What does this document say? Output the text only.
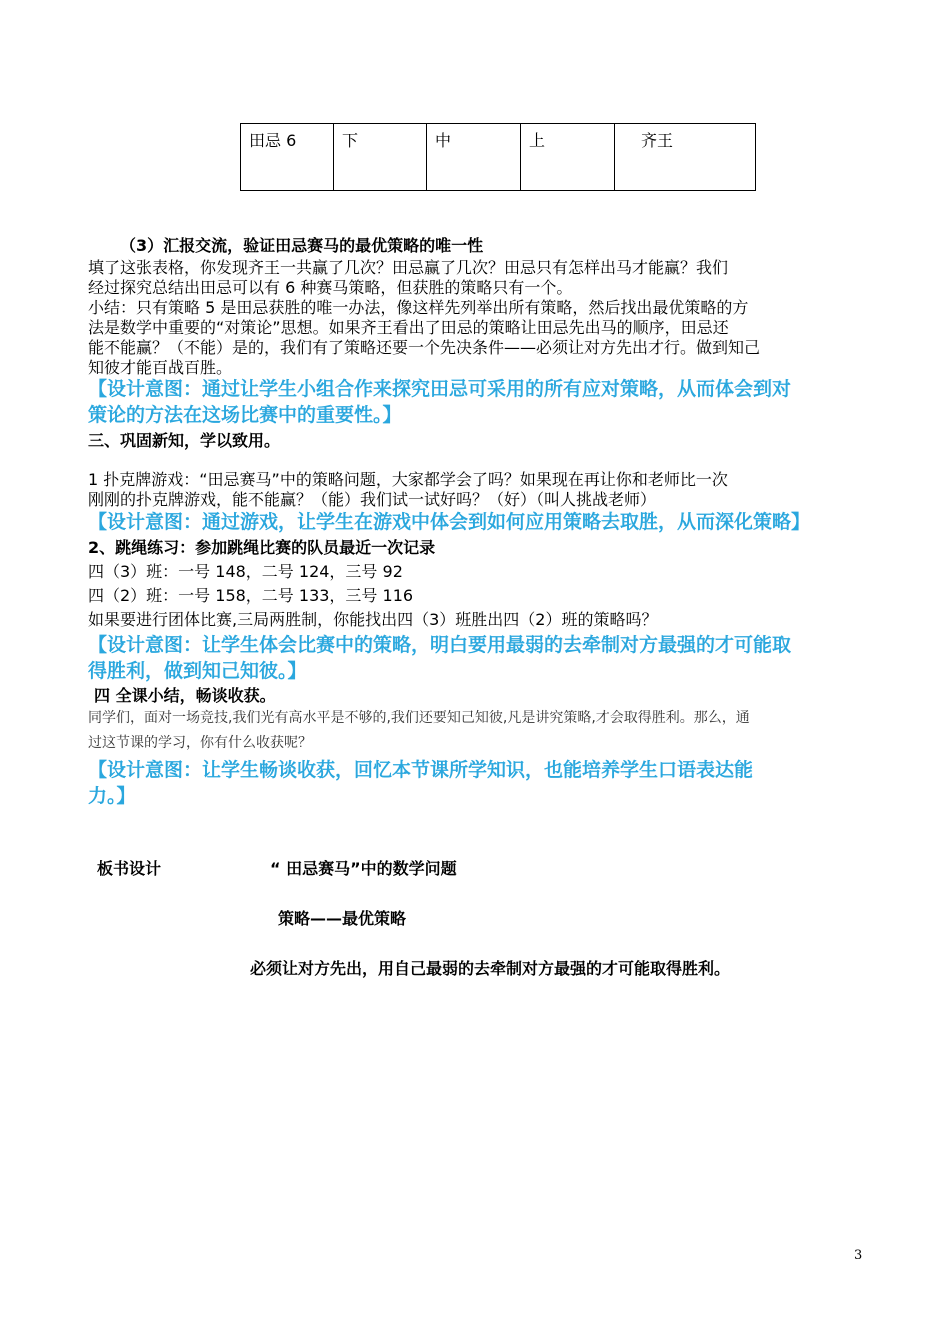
田忌 6	下	中	上	齐王
（3）汇报交流，验证田忌赛马的最优策略的唯一性
填了这张表格，你发现齐王一共赢了几次？田忌赢了几次？田忌只有怎样出马才能赢？我们
经过探究总结出田忌可以有 6 种赛马策略，但获胜的策略只有一个。
小结：只有策略 5 是田忌获胜的唯一办法，像这样先列举出所有策略，然后找出最优策略的方
法是数学中重要的“对策论”思想。如果齐王看出了田忌的策略让田忌先出马的顺序，田忌还
能不能赢？（不能）是的，我们有了策略还要一个先决条件——必须让对方先出才行。做到知己
知彼才能百战百胜。
【设计意图：通过让学生小组合作来探究田忌可采用的所有应对策略，从而体会到对
策论的方法在这场比赛中的重要性。】
三、巩固新知，学以致用。
1 扑克牌游戏：“田忌赛马”中的策略问题，大家都学会了吗？如果现在再让你和老师比一次
刚刚的扑克牌游戏，能不能赢？（能）我们试一试好吗？（好）（叫人挑战老师）
【设计意图：通过游戏，让学生在游戏中体会到如何应用策略去取胜，从而深化策略】
2、跳绳练习：参加跳绳比赛的队员最近一次记录
四（3）班：一号 148，二号 124，三号 92
四（2）班：一号 158，二号 133，三号 116
如果要进行团体比赛,三局两胜制，你能找出四（3）班胜出四（2）班的策略吗？
【设计意图：让学生体会比赛中的策略，明白要用最弱的去牵制对方最强的才可能取
得胜利，做到知己知彼。】
四 全课小结，畅谈收获。
同学们，面对一场竞技,我们光有高水平是不够的,我们还要知己知彼,凡是讲究策略,才会取得胜利。那么，通
过这节课的学习，你有什么收获呢？
【设计意图：让学生畅谈收获，回忆本节课所学知识，也能培养学生口语表达能
力。】
板书设计	“ 田忌赛马”中的数学问题
策略——最优策略
必须让对方先出，用自己最弱的去牵制对方最强的才可能取得胜利。
3
